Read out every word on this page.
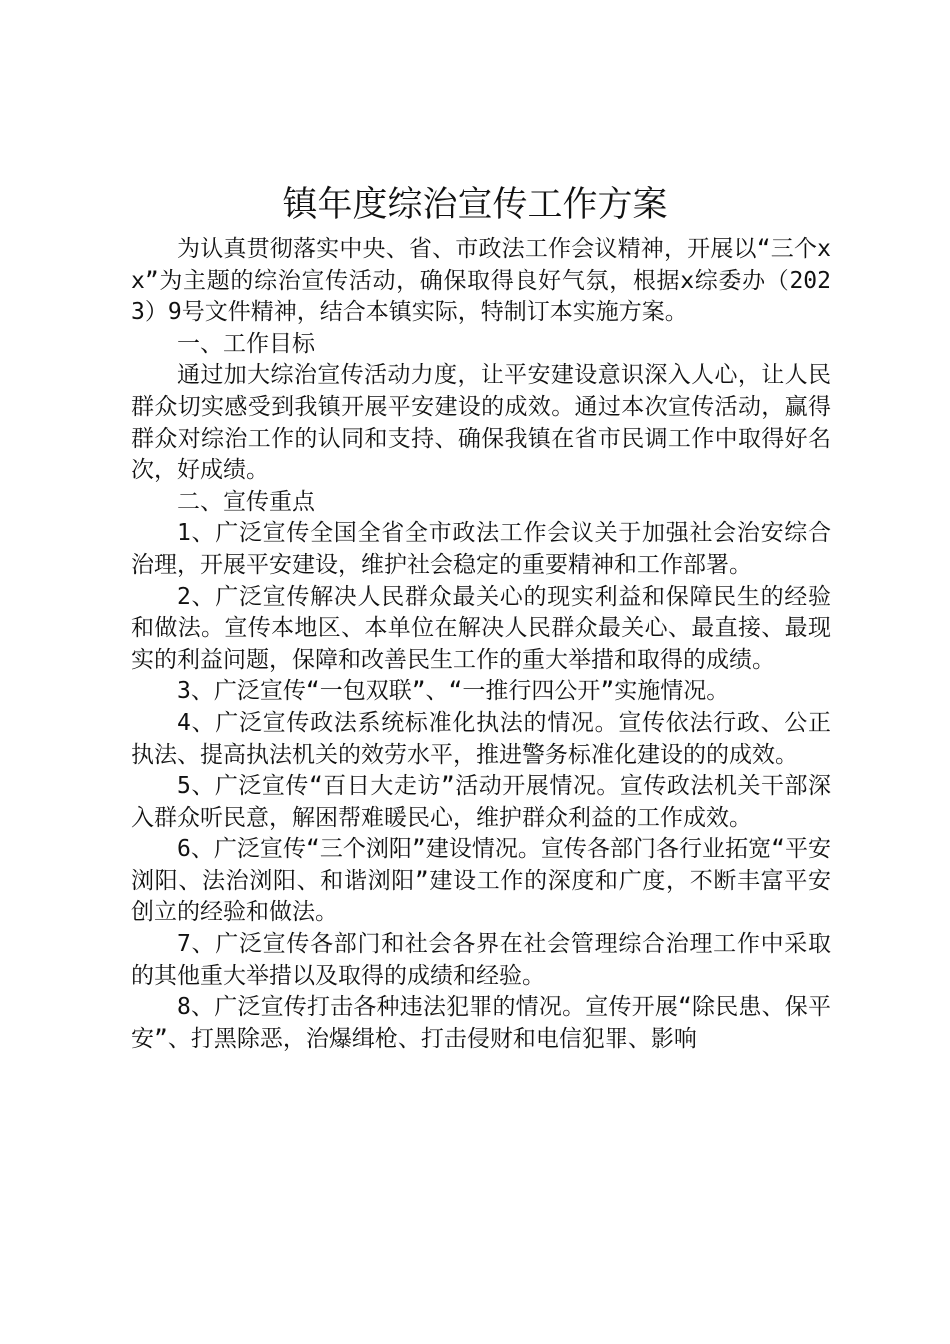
镇年度综治宣传工作方案

为认真贯彻落实中央、省、市政法工作会议精神，开展以“三个xx”为主题的综治宣传活动，确保取得良好气氛，根据x综委办（2023）9号文件精神，结合本镇实际，特制订本实施方案。

一、工作目标

通过加大综治宣传活动力度，让平安建设意识深入人心，让人民群众切实感受到我镇开展平安建设的成效。通过本次宣传活动，赢得群众对综治工作的认同和支持、确保我镇在省市民调工作中取得好名次，好成绩。

二、宣传重点

1、广泛宣传全国全省全市政法工作会议关于加强社会治安综合治理，开展平安建设，维护社会稳定的重要精神和工作部署。

2、广泛宣传解决人民群众最关心的现实利益和保障民生的经验和做法。宣传本地区、本单位在解决人民群众最关心、最直接、最现实的利益问题，保障和改善民生工作的重大举措和取得的成绩。

3、广泛宣传“一包双联”、“一推行四公开”实施情况。

4、广泛宣传政法系统标准化执法的情况。宣传依法行政、公正执法、提高执法机关的效劳水平，推进警务标准化建设的的成效。

5、广泛宣传“百日大走访”活动开展情况。宣传政法机关干部深入群众听民意，解困帮难暖民心，维护群众利益的工作成效。

6、广泛宣传“三个浏阳”建设情况。宣传各部门各行业拓宽“平安浏阳、法治浏阳、和谐浏阳”建设工作的深度和广度，不断丰富平安创立的经验和做法。

7、广泛宣传各部门和社会各界在社会管理综合治理工作中采取的其他重大举措以及取得的成绩和经验。

8、广泛宣传打击各种违法犯罪的情况。宣传开展“除民患、保平安”、打黑除恶，治爆缉枪、打击侵财和电信犯罪、影响
